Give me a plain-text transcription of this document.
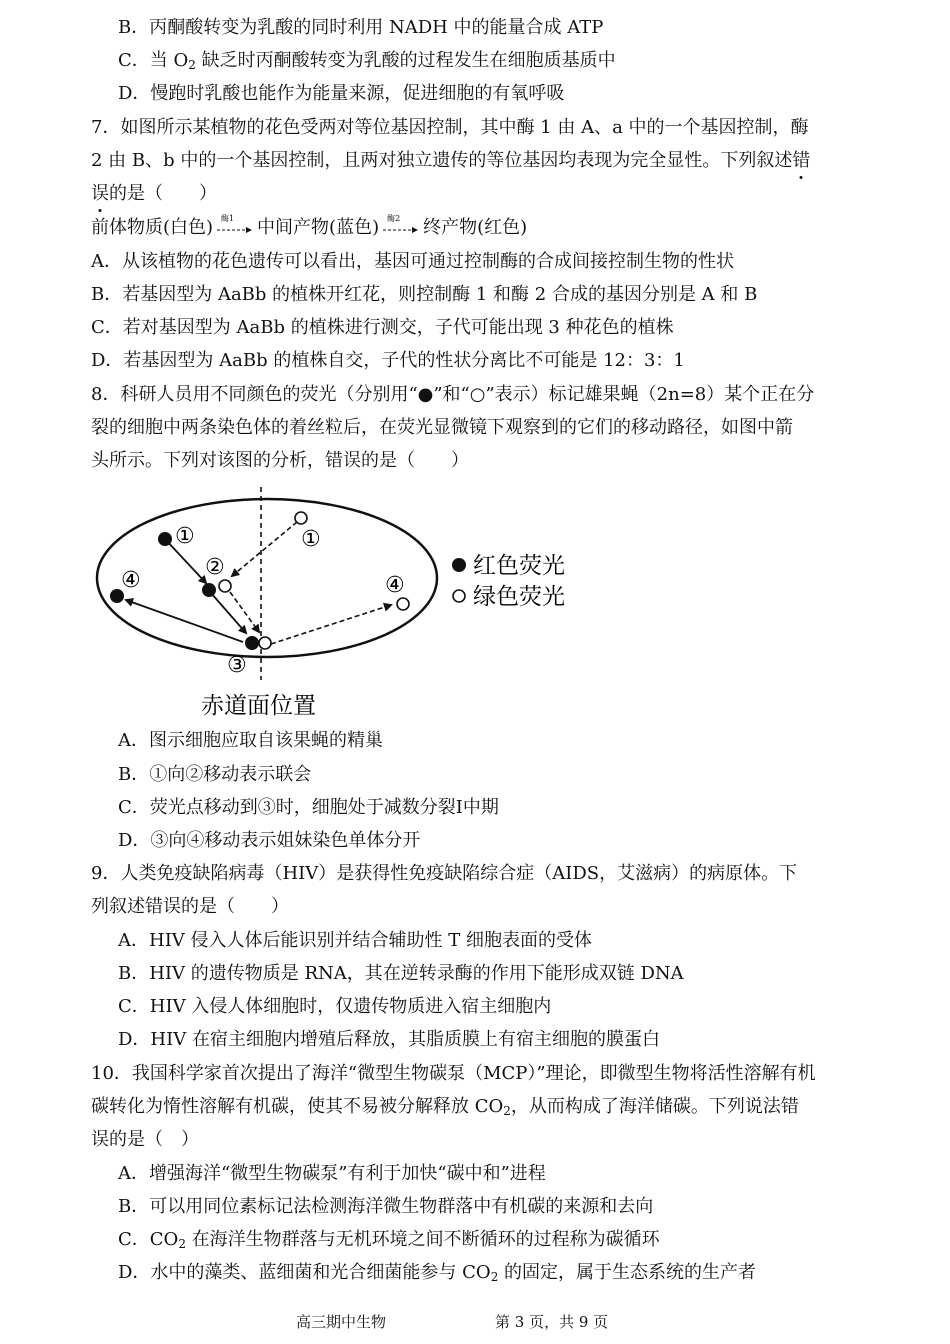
B．丙酮酸转变为乳酸的同时利用 NADH 中的能量合成 ATP
C．当 $O_2$ 缺乏时丙酮酸转变为乳酸的过程发生在细胞质基质中
D．慢跑时乳酸也能作为能量来源，促进细胞的有氧呼吸
7．如图所示某植物的花色受两对等位基因控制，其中酶 1 由 A、a 中的一个基因控制，酶
2 由 B、b 中的一个基因控制，且两对独立遗传的等位基因均表现为完全显性。下列叙述错
误的是（　　）
前体物质(白色) 酶1 中间产物(蓝色) 酶2 终产物(红色)
A．从该植物的花色遗传可以看出，基因可通过控制酶的合成间接控制生物的性状
B．若基因型为 AaBb 的植株开红花，则控制酶 1 和酶 2 合成的基因分别是 A 和 B
C．若对基因型为 AaBb 的植株进行测交，子代可能出现 3 种花色的植株
D．若基因型为 AaBb 的植株自交，子代的性状分离比不可能是 12：3：1
8．科研人员用不同颜色的荧光（分别用“●”和“○”表示）标记雄果蝇（2n=8）某个正在分
裂的细胞中两条染色体的着丝粒后，在荧光显微镜下观察到的它们的移动路径，如图中箭
头所示。下列对该图的分析，错误的是（　　）
①
②
③
④
①
④
红色荧光
绿色荧光
赤道面位置
A．图示细胞应取自该果蝇的精巢
B．①向②移动表示联会
C．荧光点移动到③时，细胞处于减数分裂Ⅰ中期
D．③向④移动表示姐妹染色单体分开
9．人类免疫缺陷病毒（HIV）是获得性免疫缺陷综合症（AIDS，艾滋病）的病原体。下
列叙述错误的是（　　）
A．HIV 侵入人体后能识别并结合辅助性 T 细胞表面的受体
B．HIV 的遗传物质是 RNA，其在逆转录酶的作用下能形成双链 DNA
C．HIV 入侵人体细胞时，仅遗传物质进入宿主细胞内
D．HIV 在宿主细胞内增殖后释放，其脂质膜上有宿主细胞的膜蛋白
10．我国科学家首次提出了海洋“微型生物碳泵（MCP）”理论，即微型生物将活性溶解有机
碳转化为惰性溶解有机碳，使其不易被分解释放 $CO_2$，从而构成了海洋储碳。下列说法错
误的是（　）
A．增强海洋“微型生物碳泵”有利于加快“碳中和”进程
B．可以用同位素标记法检测海洋微生物群落中有机碳的来源和去向
C．$CO_2$ 在海洋生物群落与无机环境之间不断循环的过程称为碳循环
D．水中的藻类、蓝细菌和光合细菌能参与 $CO_2$ 的固定，属于生态系统的生产者
高三期中生物	第 3 页，共 9 页
